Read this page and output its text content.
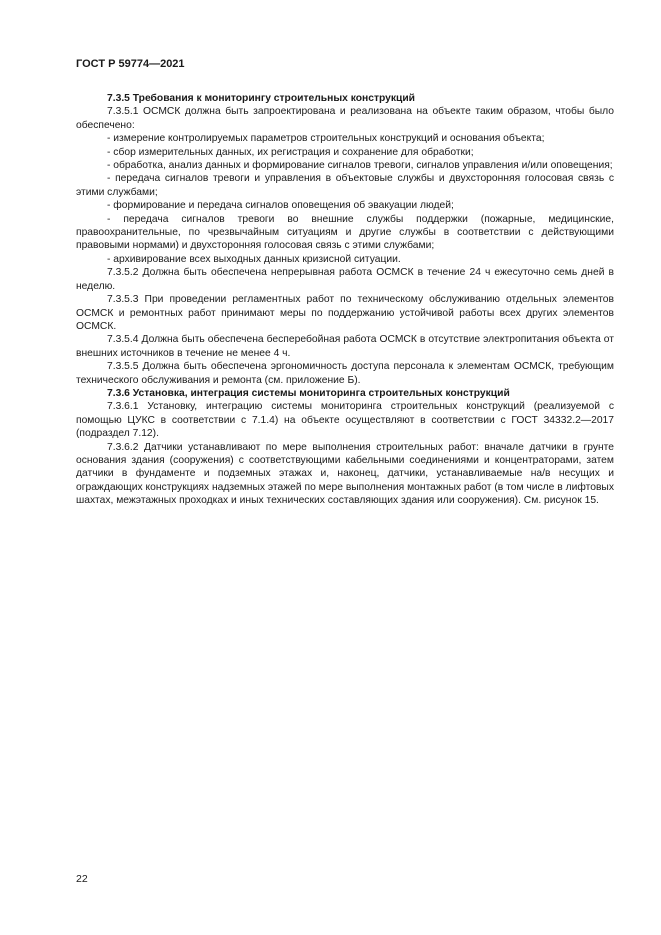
ГОСТ Р 59774—2021

7.3.5 Требования к мониторингу строительных конструкций

7.3.5.1 ОСМСК должна быть запроектирована и реализована на объекте таким образом, чтобы было обеспечено:

- измерение контролируемых параметров строительных конструкций и основания объекта;

- сбор измерительных данных, их регистрация и сохранение для обработки;

- обработка, анализ данных и формирование сигналов тревоги, сигналов управления и/или оповещения;

- передача сигналов тревоги и управления в объектовые службы и двухсторонняя голосовая связь с этими службами;

- формирование и передача сигналов оповещения об эвакуации людей;

- передача сигналов тревоги во внешние службы поддержки (пожарные, медицинские, правоохранительные, по чрезвычайным ситуациям и другие службы в соответствии с действующими правовыми нормами) и двухсторонняя голосовая связь с этими службами;

- архивирование всех выходных данных кризисной ситуации.

7.3.5.2 Должна быть обеспечена непрерывная работа ОСМСК в течение 24 ч ежесуточно семь дней в неделю.

7.3.5.3 При проведении регламентных работ по техническому обслуживанию отдельных элементов ОСМСК и ремонтных работ принимают меры по поддержанию устойчивой работы всех других элементов ОСМСК.

7.3.5.4 Должна быть обеспечена бесперебойная работа ОСМСК в отсутствие электропитания объекта от внешних источников в течение не менее 4 ч.

7.3.5.5 Должна быть обеспечена эргономичность доступа персонала к элементам ОСМСК, требующим технического обслуживания и ремонта (см. приложение Б).

7.3.6 Установка, интеграция системы мониторинга строительных конструкций

7.3.6.1 Установку, интеграцию системы мониторинга строительных конструкций (реализуемой с помощью ЦУКС в соответствии с 7.1.4) на объекте осуществляют в соответствии с ГОСТ 34332.2—2017 (подраздел 7.12).

7.3.6.2 Датчики устанавливают по мере выполнения строительных работ: вначале датчики в грунте основания здания (сооружения) с соответствующими кабельными соединениями и концентраторами, затем датчики в фундаменте и подземных этажах и, наконец, датчики, устанавливаемые на/в несущих и ограждающих конструкциях надземных этажей по мере выполнения монтажных работ (в том числе в лифтовых шахтах, межэтажных проходках и иных технических составляющих здания или сооружения). См. рисунок 15.

22
